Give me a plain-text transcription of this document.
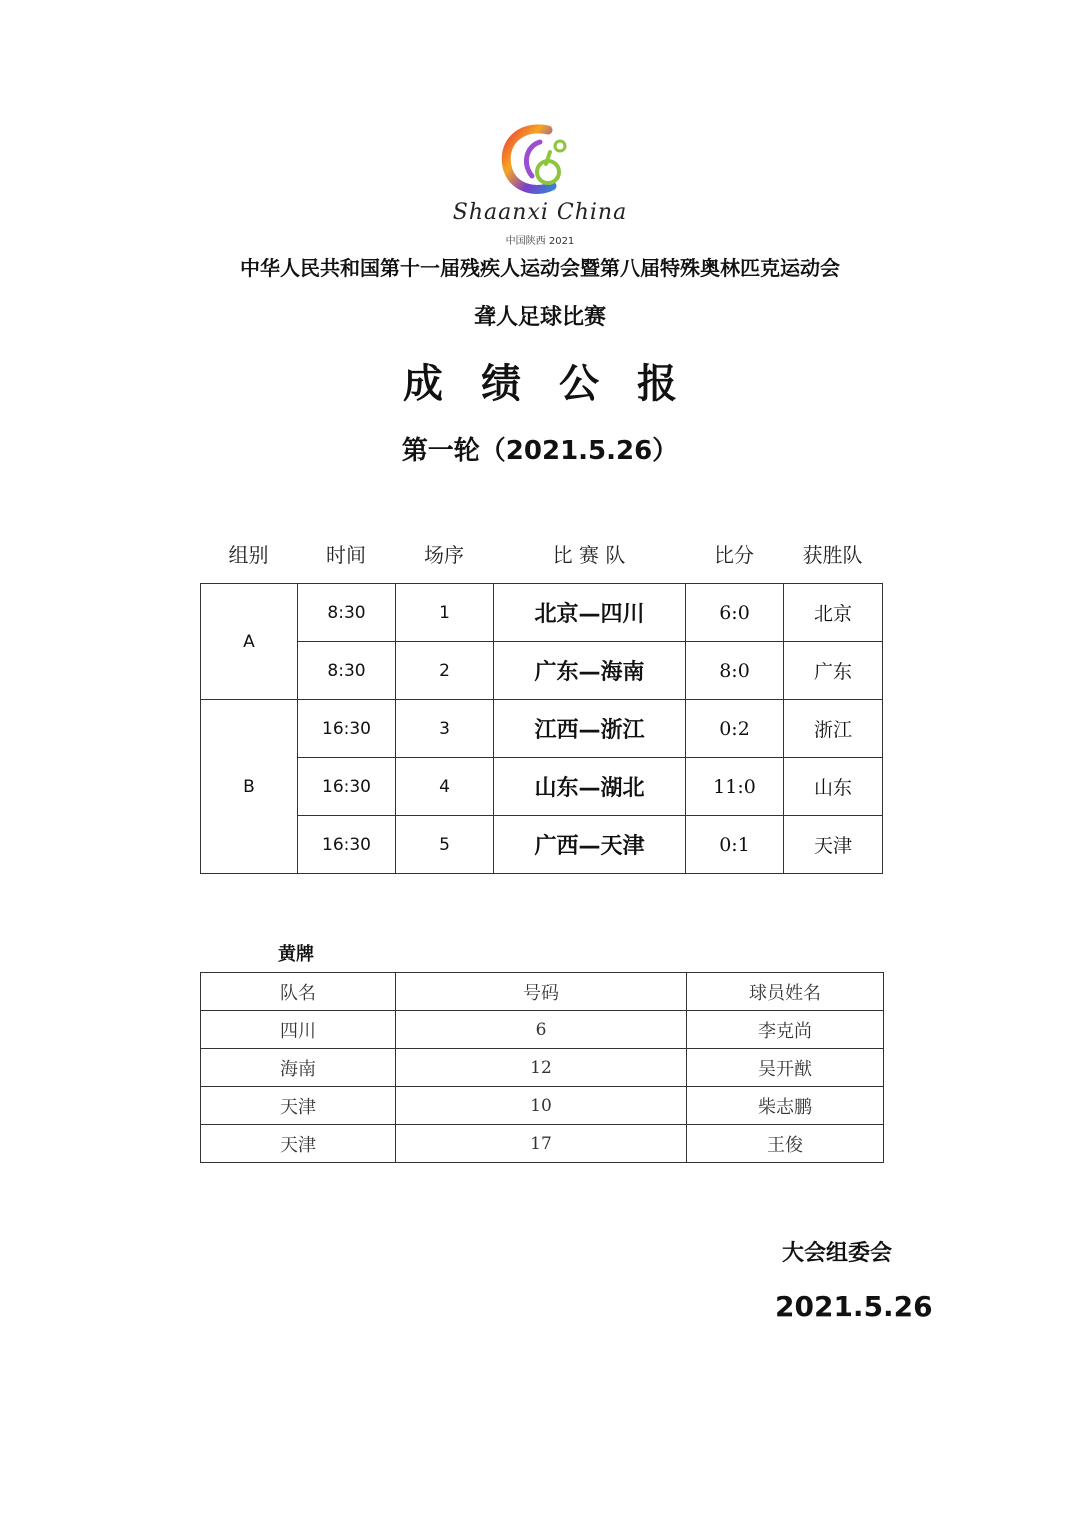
Shaanxi China
中国陕西 2021
中华人民共和国第十一届残疾人运动会暨第八届特殊奥林匹克运动会
聋人足球比赛
成绩公报
第一轮（2021.5.26）
组别	时间	场序	比 赛 队	比分	获胜队
A	8:30	1	北京—四川	6:0	北京
	8:30	2	广东—海南	8:0	广东
B	16:30	3	江西—浙江	0:2	浙江
	16:30	4	山东—湖北	11:0	山东
	16:30	5	广西—天津	0:1	天津
黄牌
队名	号码	球员姓名
四川	6	李克尚
海南	12	吴开猷
天津	10	柴志鹏
天津	17	王俊
大会组委会
2021.5.26
